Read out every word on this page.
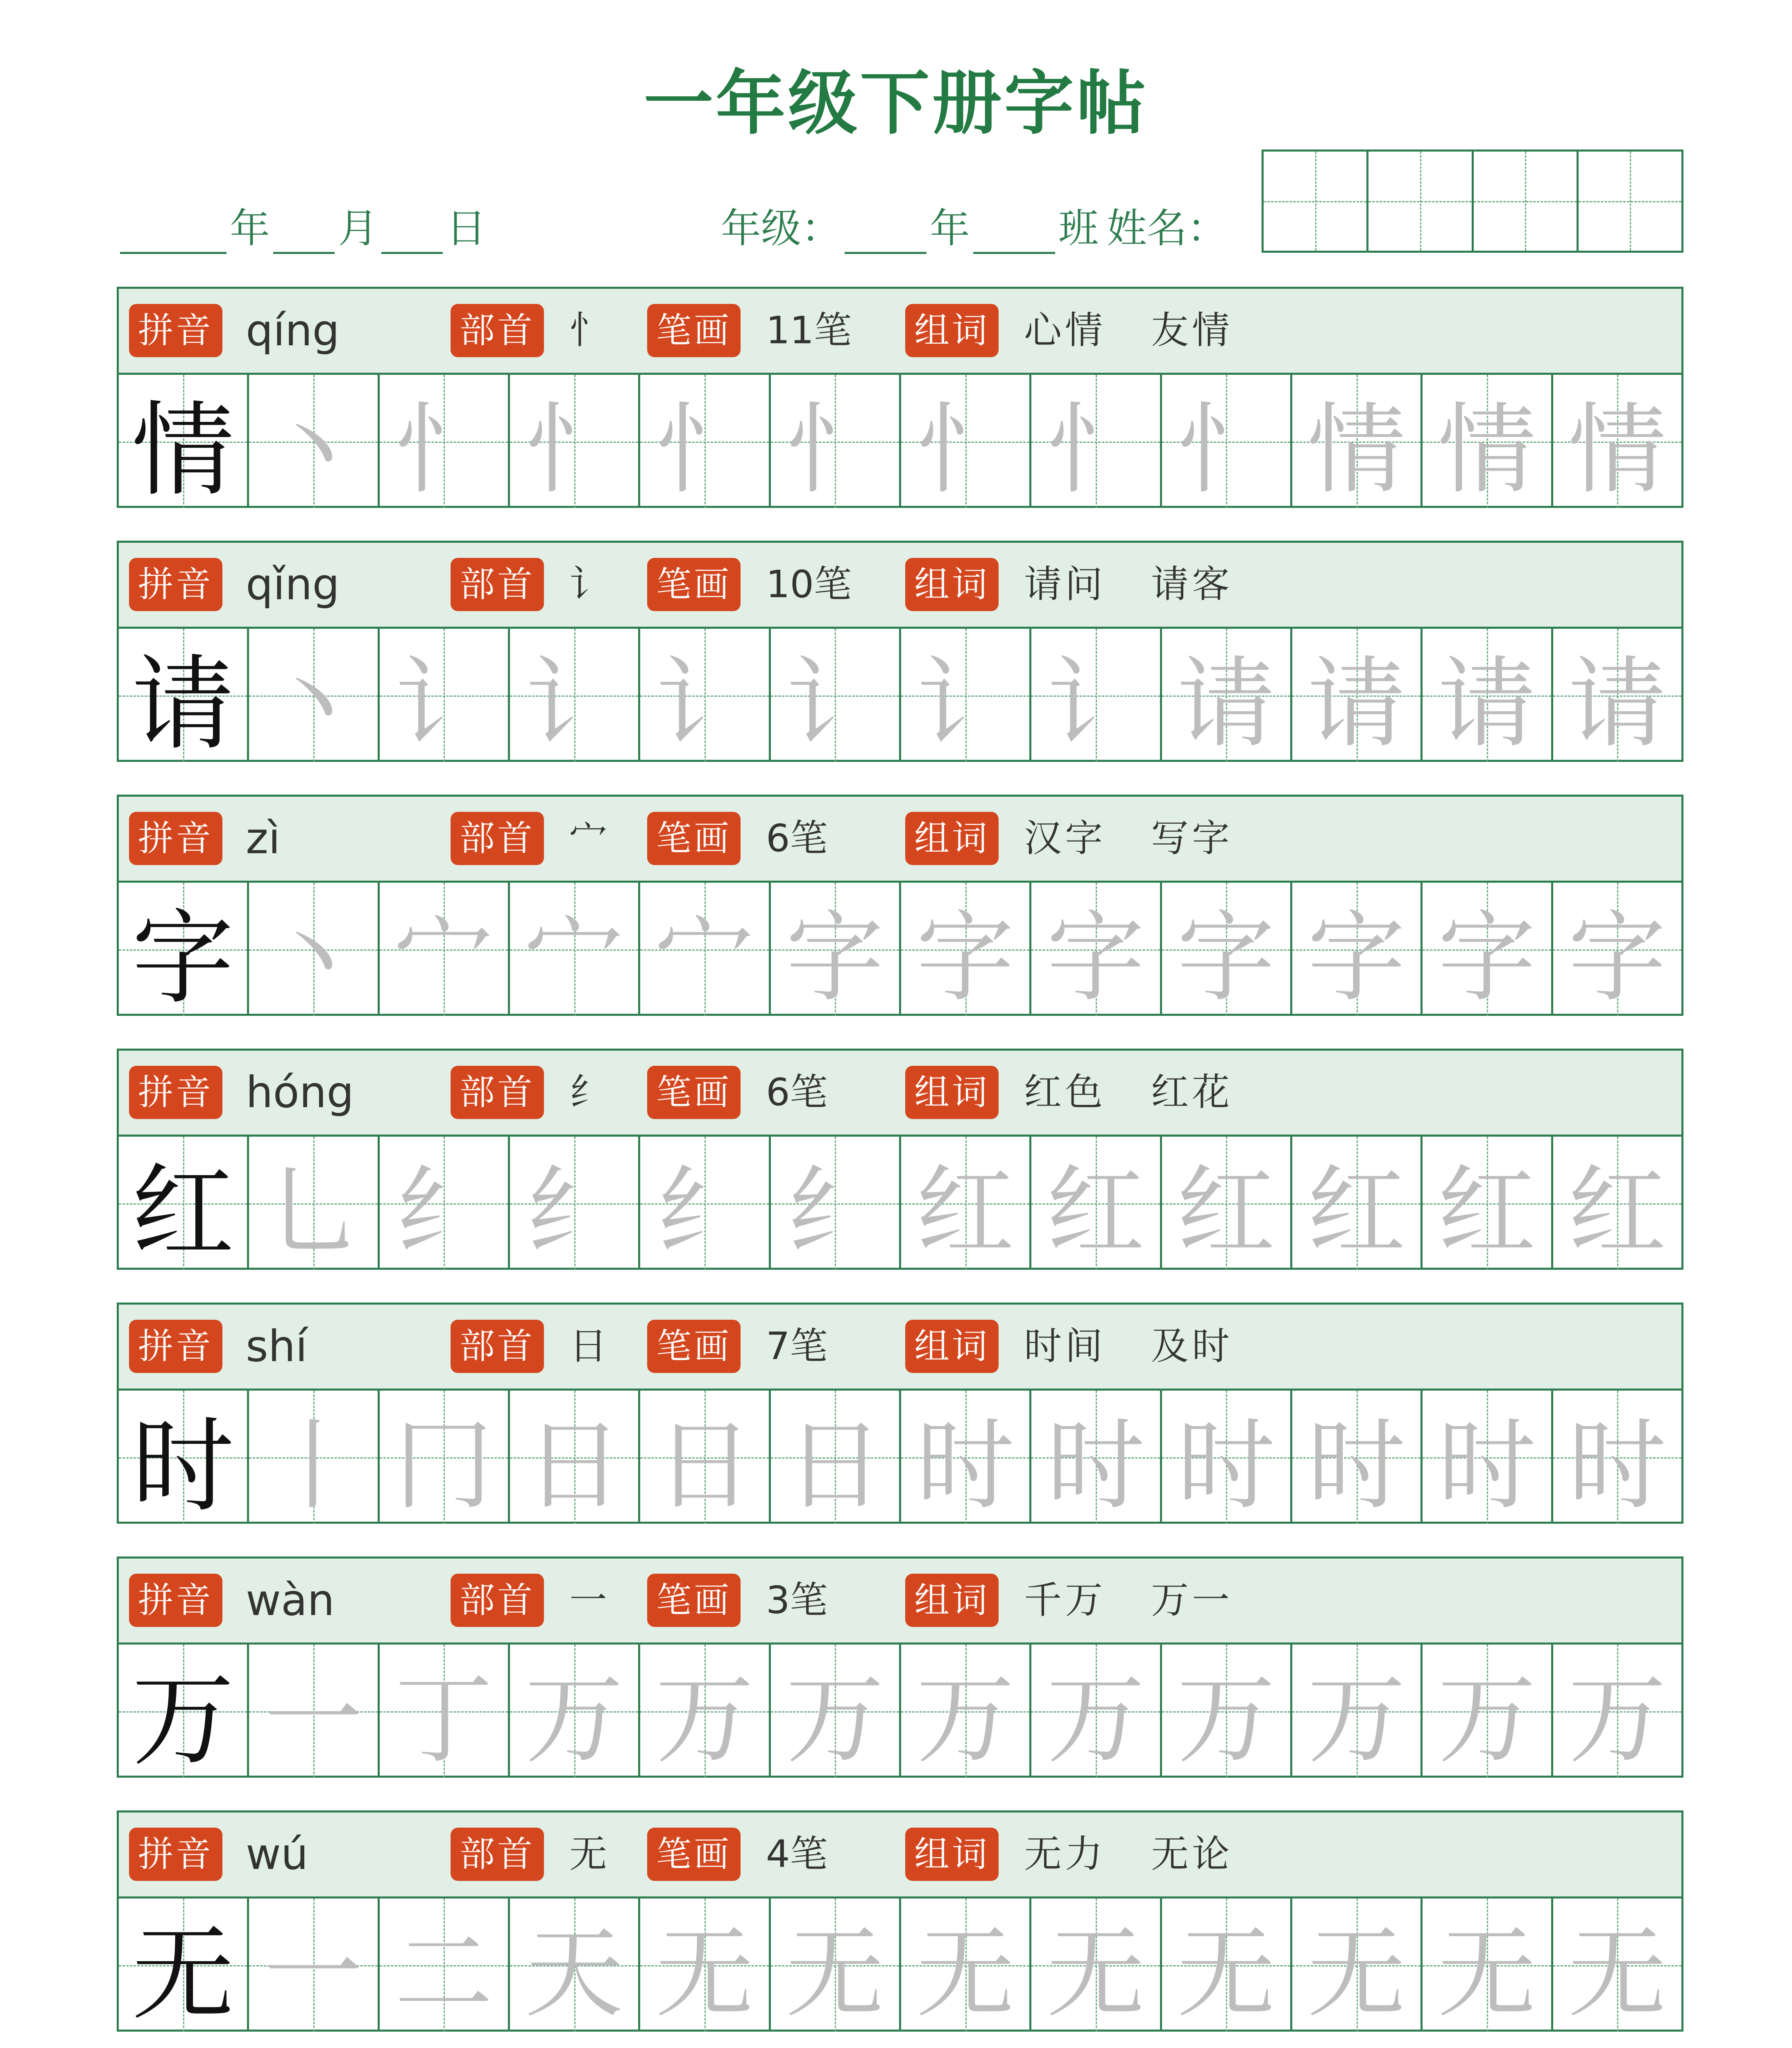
一年级下册字帖
年 月 日	年级： 年 班 姓名：
拼音 qíng	部首 忄 笔画 11笔 组词 心情 友情
情 丶 忄 忄 忄 忄 忄 忄 忄 情 情 情
拼音 qǐng	部首 讠 笔画 10笔 组词 请问 请客
请 丶 讠 讠 讠 讠 讠 讠 请 请 请 请
拼音 zì	部首 宀 笔画 6笔 组词 汉字 写字
字 丶 宀 宀 宀 字 字 字 字 字 字 字
拼音 hóng	部首 纟 笔画 6笔 组词 红色 红花
红 乚 纟 纟 纟 纟 红 红 红 红 红 红
拼音 shí	部首 日 笔画 7笔 组词 时间 及时
时 丨 冂 日 日 日 时 时 时 时 时 时
拼音 wàn	部首 一 笔画 3笔 组词 千万 万一
万 一 丁 万 万 万 万 万 万 万 万 万
拼音 wú	部首 无 笔画 4笔 组词 无力 无论
无 一 二 天 无 无 无 无 无 无 无 无
